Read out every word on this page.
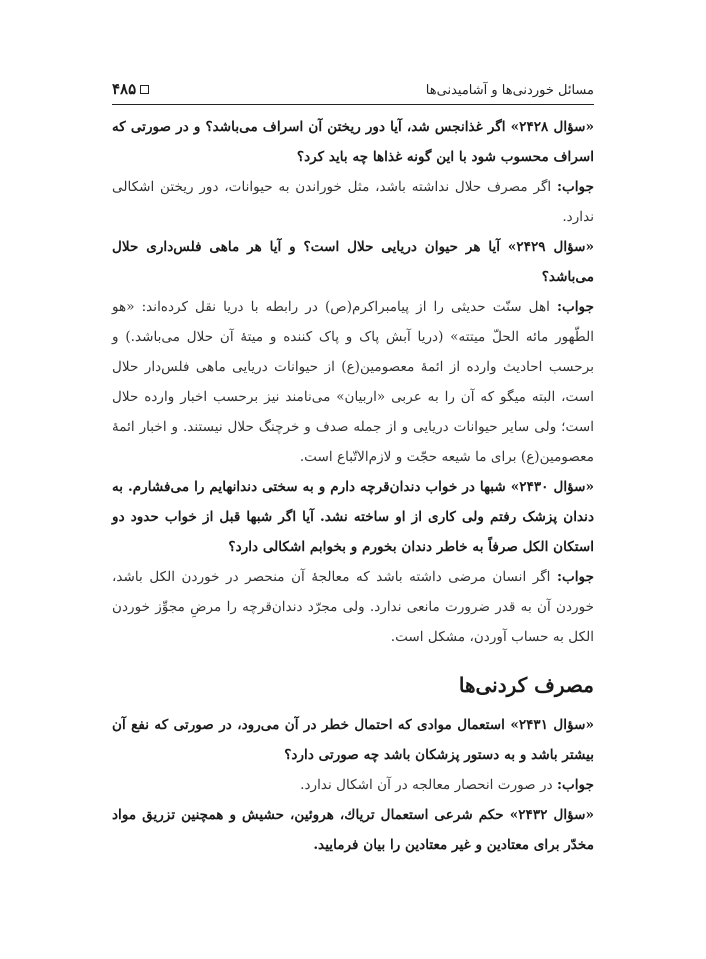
مسائل خوردنی‌ها و آشامیدنی‌ها
۴۸۵

«سؤال ۲۴۲۸» اگر غذانجس شد، آیا دور ریختن آن اسراف می‌باشد؟ و در صورتی که اسراف محسوب شود با این گونه غذاها چه باید کرد؟

جواب: اگر مصرف حلال نداشته باشد، مثل خوراندن به حیوانات، دور ریختن اشکالی ندارد.

«سؤال ۲۴۲۹» آیا هر حیوان دریایی حلال است؟ و آیا هر ماهی فلس‌داری حلال می‌باشد؟

جواب: اهل سنّت حدیثی را از پیامبراکرم(ص) در رابطه با دریا نقل کرده‌اند: «هو الطّهور مائه الحلّ میتته» (دریا آبش پاک و پاک کننده و میتهٔ آن حلال می‌باشد.) و برحسب احادیث وارده از ائمهٔ معصومین(ع) از حیوانات دریایی ماهی فلس‌دار حلال است، البته میگو که آن را به عربی «اربیان» می‌نامند نیز برحسب اخبار وارده حلال است؛ ولی سایر حیوانات دریایی و از جمله صدف و خرچنگ حلال نیستند. و اخبار ائمهٔ معصومین(ع) برای ما شیعه حجّت و لازم‌الاتّباع است.

«سؤال ۲۴۳۰» شبها در خواب دندان‌قرچه دارم و به سختی دندانهایم را می‌فشارم. به دندان پزشک رفتم ولی کاری از او ساخته نشد. آیا اگر شبها قبل از خواب حدود دو استکان الکل صرفاً به خاطر دندان بخورم و بخوابم اشکالی دارد؟

جواب: اگر انسان مرضی داشته باشد که معالجهٔ آن منحصر در خوردن الکل باشد، خوردن آن به قدر ضرورت مانعی ندارد. ولی مجرّد دندان‌قرچه را مرضِ مجوِّز خوردن الکل به حساب آوردن، مشکل است.

مصرف کردنی‌ها

«سؤال ۲۴۳۱» استعمال موادی که احتمال خطر در آن می‌رود، در صورتی که نفع آن بیشتر باشد و به دستور پزشکان باشد چه صورتی دارد؟

جواب: در صورت انحصار معالجه در آن اشکال ندارد.

«سؤال ۲۴۳۲» حکم شرعی استعمال تریاك، هروئین، حشیش و همچنین تزریق مواد مخدّر برای معتادین و غیر معتادین را بیان فرمایید.
